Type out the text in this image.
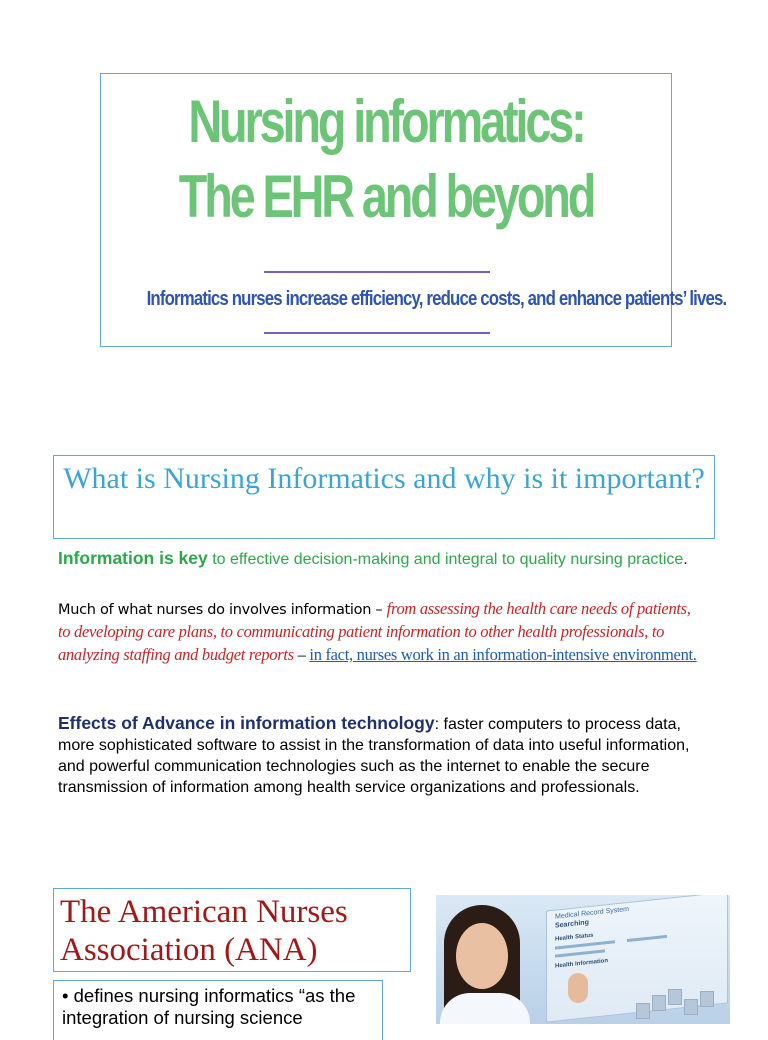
Nursing informatics:
The EHR and beyond
Informatics nurses increase efficiency, reduce costs, and enhance patients’ lives.
What is Nursing Informatics and why is it important?
Information is key to effective decision-making and integral to quality nursing practice.
Much of what nurses do involves information – from assessing the health care needs of patients, to developing care plans, to communicating patient information to other health professionals, to analyzing staffing and budget reports – in fact, nurses work in an information-intensive environment.
Effects of Advance in information technology: faster computers to process data, more sophisticated software to assist in the transformation of data into useful information, and powerful communication technologies such as the internet to enable the secure transmission of information among health service organizations and professionals.
The American Nurses Association (ANA)
• defines nursing informatics “as the integration of nursing science
Medical Record System
Searching
Health Status
Health Information
